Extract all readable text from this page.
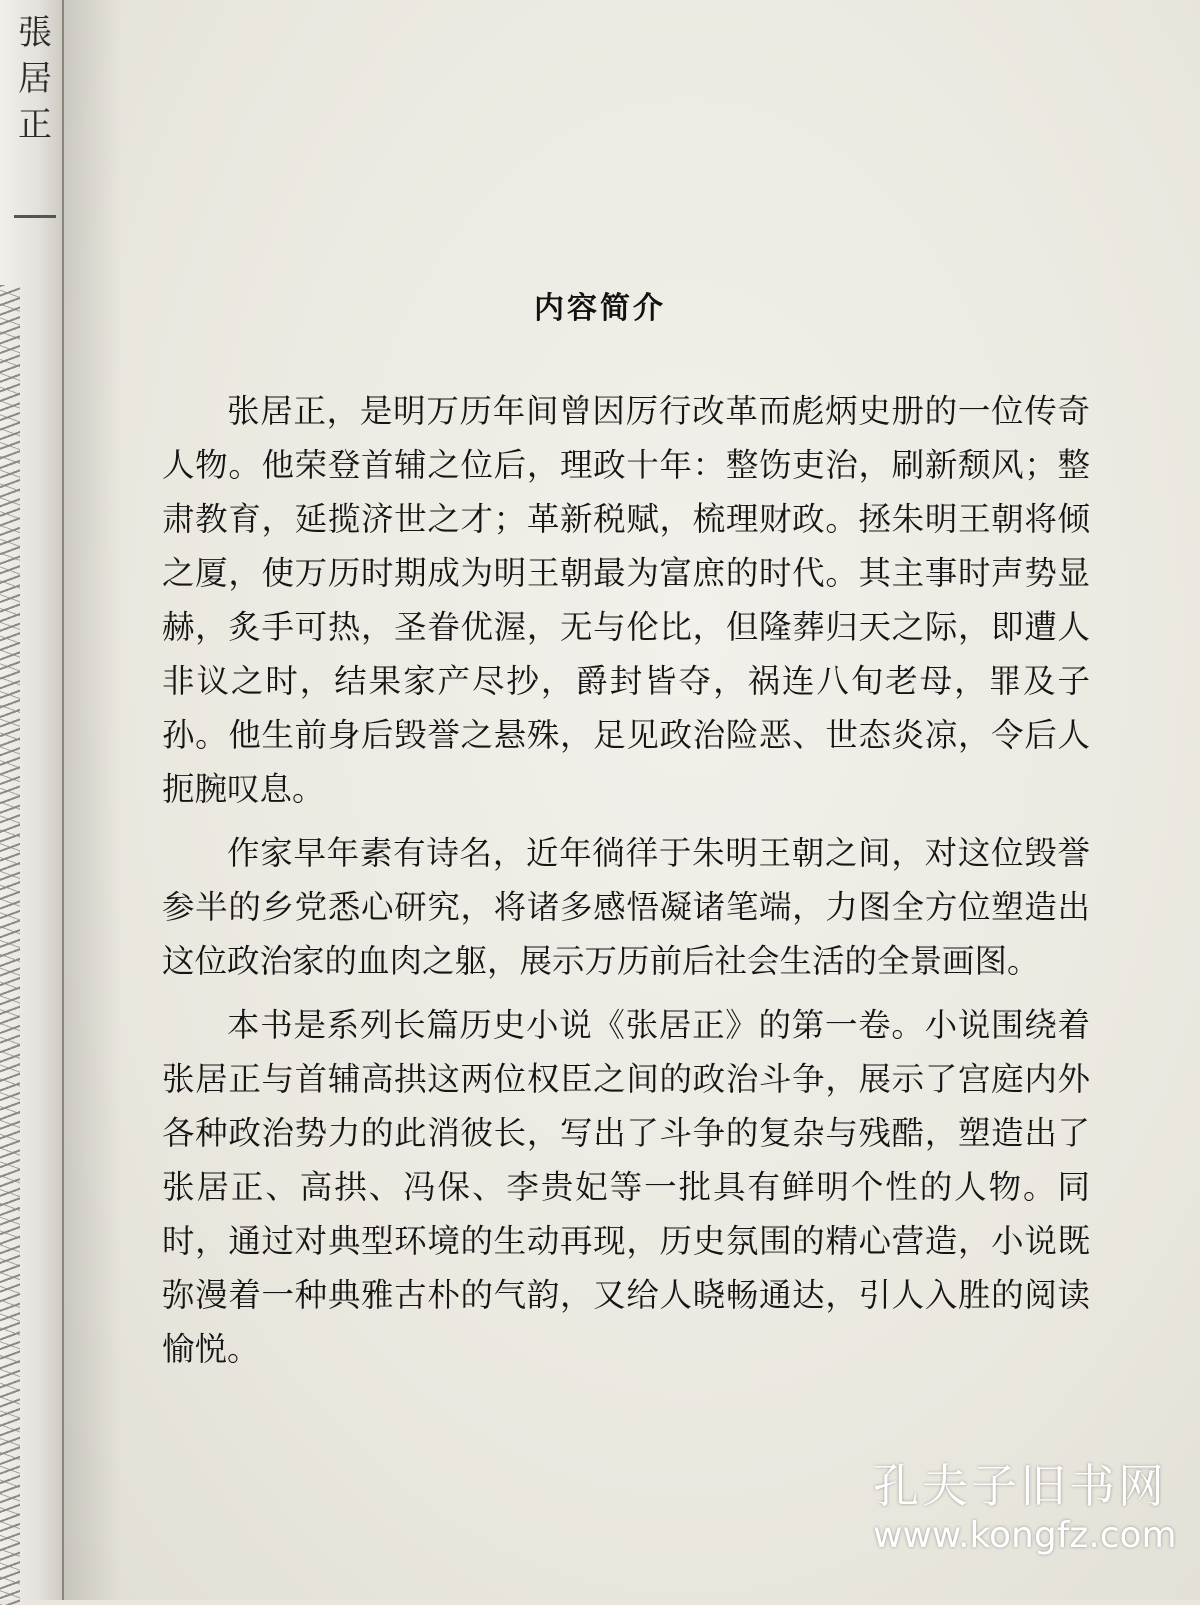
張
居
正
内容简介

张居正，是明万历年间曾因厉行改革而彪炳史册的一位传奇人物。他荣登首辅之位后，理政十年：整饬吏治，刷新颓风；整肃教育，延揽济世之才；革新税赋，梳理财政。拯朱明王朝将倾之厦，使万历时期成为明王朝最为富庶的时代。其主事时声势显赫，炙手可热，圣眷优渥，无与伦比，但隆葬归天之际，即遭人非议之时，结果家产尽抄，爵封皆夺，祸连八旬老母，罪及子孙。他生前身后毁誉之悬殊，足见政治险恶、世态炎凉，令后人扼腕叹息。

作家早年素有诗名，近年徜徉于朱明王朝之间，对这位毁誉参半的乡党悉心研究，将诸多感悟凝诸笔端，力图全方位塑造出这位政治家的血肉之躯，展示万历前后社会生活的全景画图。

本书是系列长篇历史小说《张居正》的第一卷。小说围绕着张居正与首辅高拱这两位权臣之间的政治斗争，展示了宫庭内外各种政治势力的此消彼长，写出了斗争的复杂与残酷，塑造出了张居正、高拱、冯保、李贵妃等一批具有鲜明个性的人物。同时，通过对典型环境的生动再现，历史氛围的精心营造，小说既弥漫着一种典雅古朴的气韵，又给人晓畅通达，引人入胜的阅读愉悦。

孔夫子旧书网
www.kongfz.com
